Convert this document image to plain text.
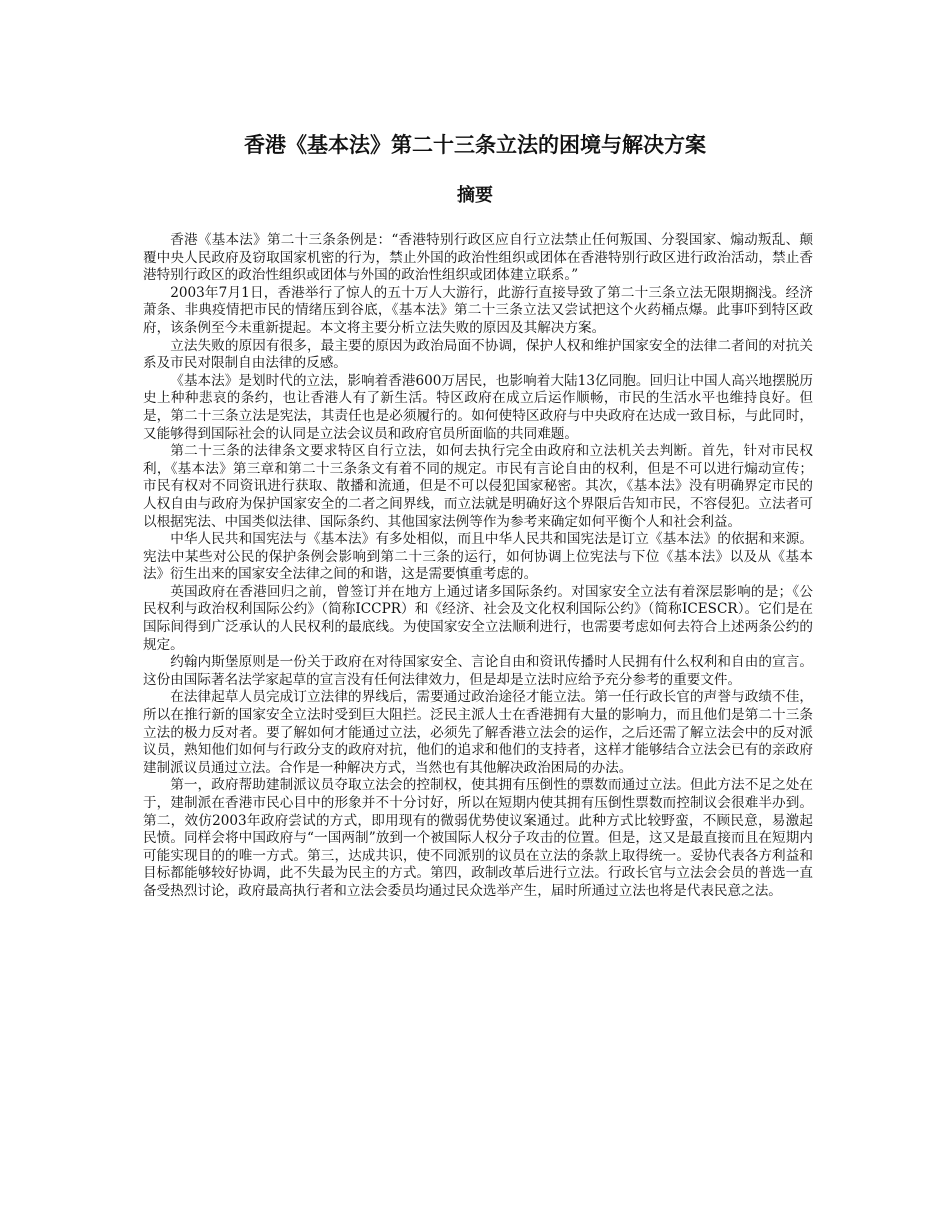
香港《基本法》第二十三条立法的困境与解决方案
摘要

香港《基本法》第二十三条条例是：“香港特别行政区应自行立法禁止任何叛国、分裂国家、煽动叛乱、颠覆中央人民政府及窃取国家机密的行为，禁止外国的政治性组织或团体在香港特别行政区进行政治活动，禁止香港特别行政区的政治性组织或团体与外国的政治性组织或团体建立联系。”

2003年7月1日，香港举行了惊人的五十万人大游行，此游行直接导致了第二十三条立法无限期搁浅。经济萧条、非典疫情把市民的情绪压到谷底，《基本法》第二十三条立法又尝试把这个火药桶点爆。此事吓到特区政府，该条例至今未重新提起。本文将主要分析立法失败的原因及其解决方案。

立法失败的原因有很多，最主要的原因为政治局面不协调，保护人权和维护国家安全的法律二者间的对抗关系及市民对限制自由法律的反感。

《基本法》是划时代的立法，影响着香港600万居民，也影响着大陆13亿同胞。回归让中国人高兴地摆脱历史上种种悲哀的条约，也让香港人有了新生活。特区政府在成立后运作顺畅，市民的生活水平也维持良好。但是，第二十三条立法是宪法，其责任也是必须履行的。如何使特区政府与中央政府在达成一致目标，与此同时，又能够得到国际社会的认同是立法会议员和政府官员所面临的共同难题。

第二十三条的法律条文要求特区自行立法，如何去执行完全由政府和立法机关去判断。首先，针对市民权利，《基本法》第三章和第二十三条条文有着不同的规定。市民有言论自由的权利，但是不可以进行煽动宣传；市民有权对不同资讯进行获取、散播和流通，但是不可以侵犯国家秘密。其次，《基本法》没有明确界定市民的人权自由与政府为保护国家安全的二者之间界线，而立法就是明确好这个界限后告知市民，不容侵犯。立法者可以根据宪法、中国类似法律、国际条约、其他国家法例等作为参考来确定如何平衡个人和社会利益。

中华人民共和国宪法与《基本法》有多处相似，而且中华人民共和国宪法是订立《基本法》的依据和来源。宪法中某些对公民的保护条例会影响到第二十三条的运行，如何协调上位宪法与下位《基本法》以及从《基本法》衍生出来的国家安全法律之间的和谐，这是需要慎重考虑的。

英国政府在香港回归之前，曾签订并在地方上通过诸多国际条约。对国家安全立法有着深层影响的是；《公民权利与政治权利国际公约》（简称ICCPR）和《经济、社会及文化权利国际公约》（简称ICESCR）。它们是在国际间得到广泛承认的人民权利的最底线。为使国家安全立法顺利进行，也需要考虑如何去符合上述两条公约的规定。

约翰内斯堡原则是一份关于政府在对待国家安全、言论自由和资讯传播时人民拥有什么权利和自由的宣言。这份由国际著名法学家起草的宣言没有任何法律效力，但是却是立法时应给予充分参考的重要文件。

在法律起草人员完成订立法律的界线后，需要通过政治途径才能立法。第一任行政长官的声誉与政绩不佳，所以在推行新的国家安全立法时受到巨大阻拦。泛民主派人士在香港拥有大量的影响力，而且他们是第二十三条立法的极力反对者。要了解如何才能通过立法，必须先了解香港立法会的运作，之后还需了解立法会中的反对派议员，熟知他们如何与行政分支的政府对抗，他们的追求和他们的支持者，这样才能够结合立法会已有的亲政府建制派议员通过立法。合作是一种解决方式，当然也有其他解决政治困局的办法。

第一，政府帮助建制派议员夺取立法会的控制权，使其拥有压倒性的票数而通过立法。但此方法不足之处在于，建制派在香港市民心目中的形象并不十分讨好，所以在短期内使其拥有压倒性票数而控制议会很难半办到。第二，效仿2003年政府尝试的方式，即用现有的微弱优势使议案通过。此种方式比较野蛮，不顾民意，易激起民愤。同样会将中国政府与“一国两制”放到一个被国际人权分子攻击的位置。但是，这又是最直接而且在短期内可能实现目的的唯一方式。第三，达成共识，使不同派别的议员在立法的条款上取得统一。妥协代表各方利益和目标都能够较好协调，此不失最为民主的方式。第四，政制改革后进行立法。行政长官与立法会会员的普选一直备受热烈讨论，政府最高执行者和立法会委员均通过民众选举产生，届时所通过立法也将是代表民意之法。
